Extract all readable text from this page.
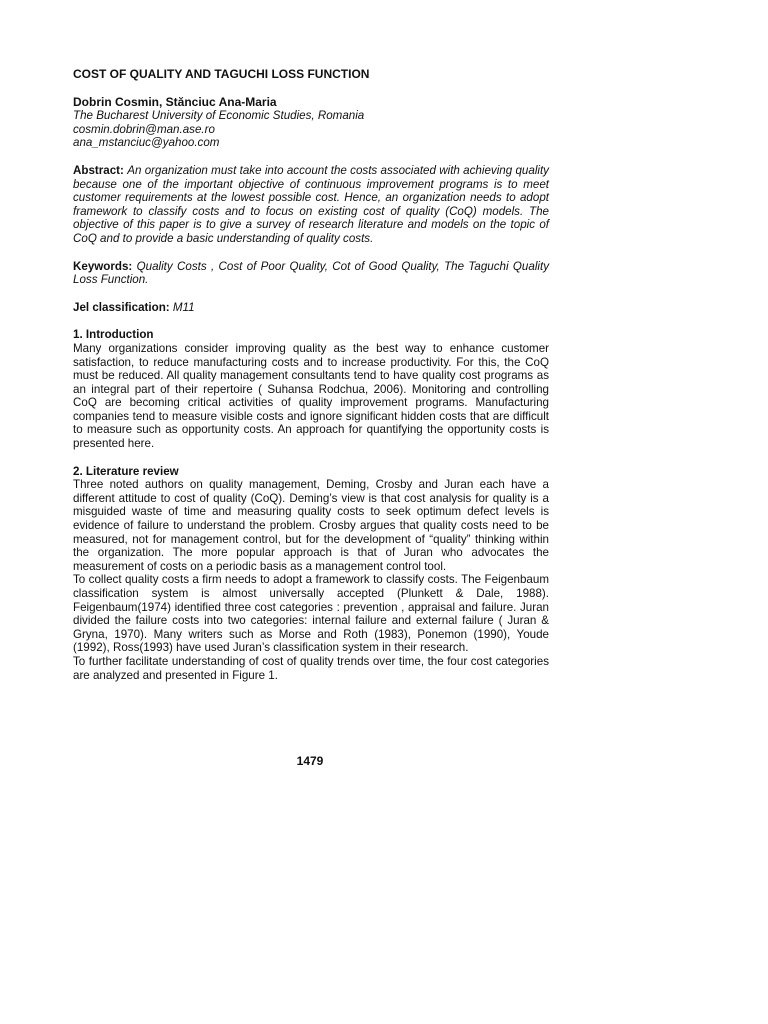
COST OF QUALITY AND TAGUCHI LOSS FUNCTION

Dobrin Cosmin, Stănciuc Ana-Maria

The Bucharest University of Economic Studies, Romania

cosmin.dobrin@man.ase.ro

ana_mstanciuc@yahoo.com

Abstract: An organization must take into account the costs associated with achieving quality because one of the important objective of continuous improvement programs is to meet customer requirements at the lowest possible cost. Hence, an organization needs to adopt framework to classify costs and to focus on existing cost of quality (CoQ) models. The objective of this paper is to give a survey of research literature and models on the topic of CoQ and to provide a basic understanding of quality costs.

Keywords: Quality Costs , Cost of Poor Quality, Cot of Good Quality, The Taguchi Quality Loss Function.

Jel classification: M11

1. Introduction

Many organizations consider improving quality as the best way to enhance customer satisfaction, to reduce manufacturing costs and to increase productivity. For this, the CoQ must be reduced. All quality management consultants tend to have quality cost programs as an integral part of their repertoire ( Suhansa Rodchua, 2006). Monitoring and controlling CoQ are becoming critical activities of quality improvement programs. Manufacturing companies tend to measure visible costs and ignore significant hidden costs that are difficult to measure such as opportunity costs. An approach for quantifying the opportunity costs is presented here.

2. Literature review

Three noted authors on quality management, Deming, Crosby and Juran each have a different attitude to cost of quality (CoQ). Deming’s view is that cost analysis for quality is a misguided waste of time and measuring quality costs to seek optimum defect levels is evidence of failure to understand the problem. Crosby argues that quality costs need to be measured, not for management control, but for the development of “quality” thinking within the organization. The more popular approach is that of Juran who advocates the measurement of costs on a periodic basis as a management control tool.

To collect quality costs a firm needs to adopt a framework to classify costs. The Feigenbaum classification system is almost universally accepted (Plunkett & Dale, 1988). Feigenbaum(1974) identified three cost categories : prevention , appraisal and failure. Juran divided the failure costs into two categories: internal failure and external failure ( Juran & Gryna, 1970). Many writers such as Morse and Roth (1983), Ponemon (1990), Youde (1992), Ross(1993) have used Juran’s classification system in their research.

To further facilitate understanding of cost of quality trends over time, the four cost categories are analyzed and presented in Figure 1.

1479
